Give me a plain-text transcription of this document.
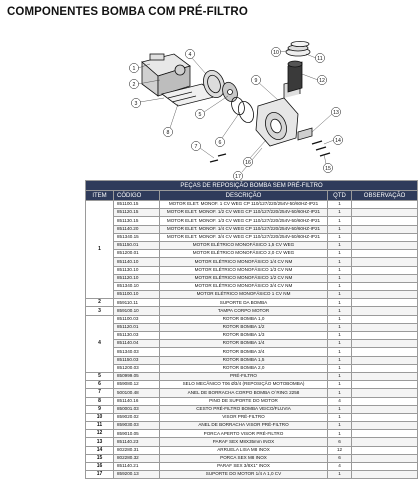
COMPONENTES BOMBA COM PRÉ-FILTRO
1
2
3
4
5
6
7
8
9
10
11
12
13
14
15
16
17
PEÇAS DE REPOSIÇÃO BOMBA SEM PRÉ-FILTRO				
ITEM	CÓDIGO	DESCRIÇÃO	QTD	OBSERVAÇÃO
1	851100.15	MOTOR ELET. MONOF. 1 CV WEG CP 110/127/220/254V-50/60HZ-IP21	1	
	851120.15	MOTOR ELET. MONOF. 1/2 CV WEG CP 110/127/220/254V-50/60HZ-IP21	1	
	851130.15	MOTOR ELET. MONOF. 1/3 CV WEG CP 110/127/220/254V-50/60HZ-IP21	1	
	851140.20	MOTOR ELET. MONOF. 1/4 CV WEG CP 110/127/220/254V-50/60HZ-IP21	1	
	851340.15	MOTOR ELET. MONOF. 3/4 CV WEG CP 110/127/220/254V-50/60HZ-IP21	1	
	851150.01	MOTOR ELÉTRICO MONOFÁSICO 1,5 CV WEG	1	
	851200.01	MOTOR ELÉTRICO MONOFÁSICO 2,0 CV WEG	1	
	851140.10	MOTOR ELÉTRICO MONOFÁSICO 1/4 CV NM	1	
	851130.10	MOTOR ELÉTRICO MONOFÁSICO 1/3 CV NM	1	
	851120.10	MOTOR ELÉTRICO MONOFÁSICO 1/2 CV NM	1	
	851340.10	MOTOR ELÉTRICO MONOFÁSICO 3/4 CV NM	1	
	851100.10	MOTOR ELÉTRICO MONOFÁSICO 1 CV NM	1	
2	859110.11	SUPORTE DA BOMBA	1	
3	859100.10	TAMPA CORPO MOTOR	1	
4	851100.03	ROTOR BOMBA 1,0	1	
	851120.01	ROTOR BOMBA 1/2	1	
	851130.03	ROTOR BOMBA 1/3	1	
	851140.04	ROTOR BOMBA 1/4	1	
	851340.03	ROTOR BOMBA 3/4	1	
	851150.03	ROTOR BOMBA 1,5	1	
	851200.03	ROTOR BOMBA 2,0	1	
5	850999.05	PRÉ-FILTRO	1	
6	859080.12	SELO MECÂNICO T06 Ø3/4 (REPOSIÇÃO MOTOBOMBA)	1	
7	500100.48	ANEL DE BORRACHA CORPO BOMBA O´RING 2258	1	
8	851140.16	PINO DE SUPORTE DO MOTOR	4	
9	850001.03	CESTO PRÉ-FILTRO BOMBA VEICO/FLUVIA	1	
10	859020.02	VISOR PRÉ-FILTRO	1	
11	859030.03	ANEL DE BORRACHA VISOR PRÉ-FILTRO	1	
12	859010.05	PORCA APERTO VISOR PRÉ-FILTRO	1	
13	851140.23	PARAF SEX M8X35mm INOX	6	
14	802280.31	ARRUELA LISA M8 INOX	12	
15	802280.32	PORCA SEX M8 INOX	6	
16	851140.21	PARAF SEX 3/8X1" INOX	4	
17	859200.13	SUPORTE DO MOTOR 1/4 A 1,0 CV	1	
